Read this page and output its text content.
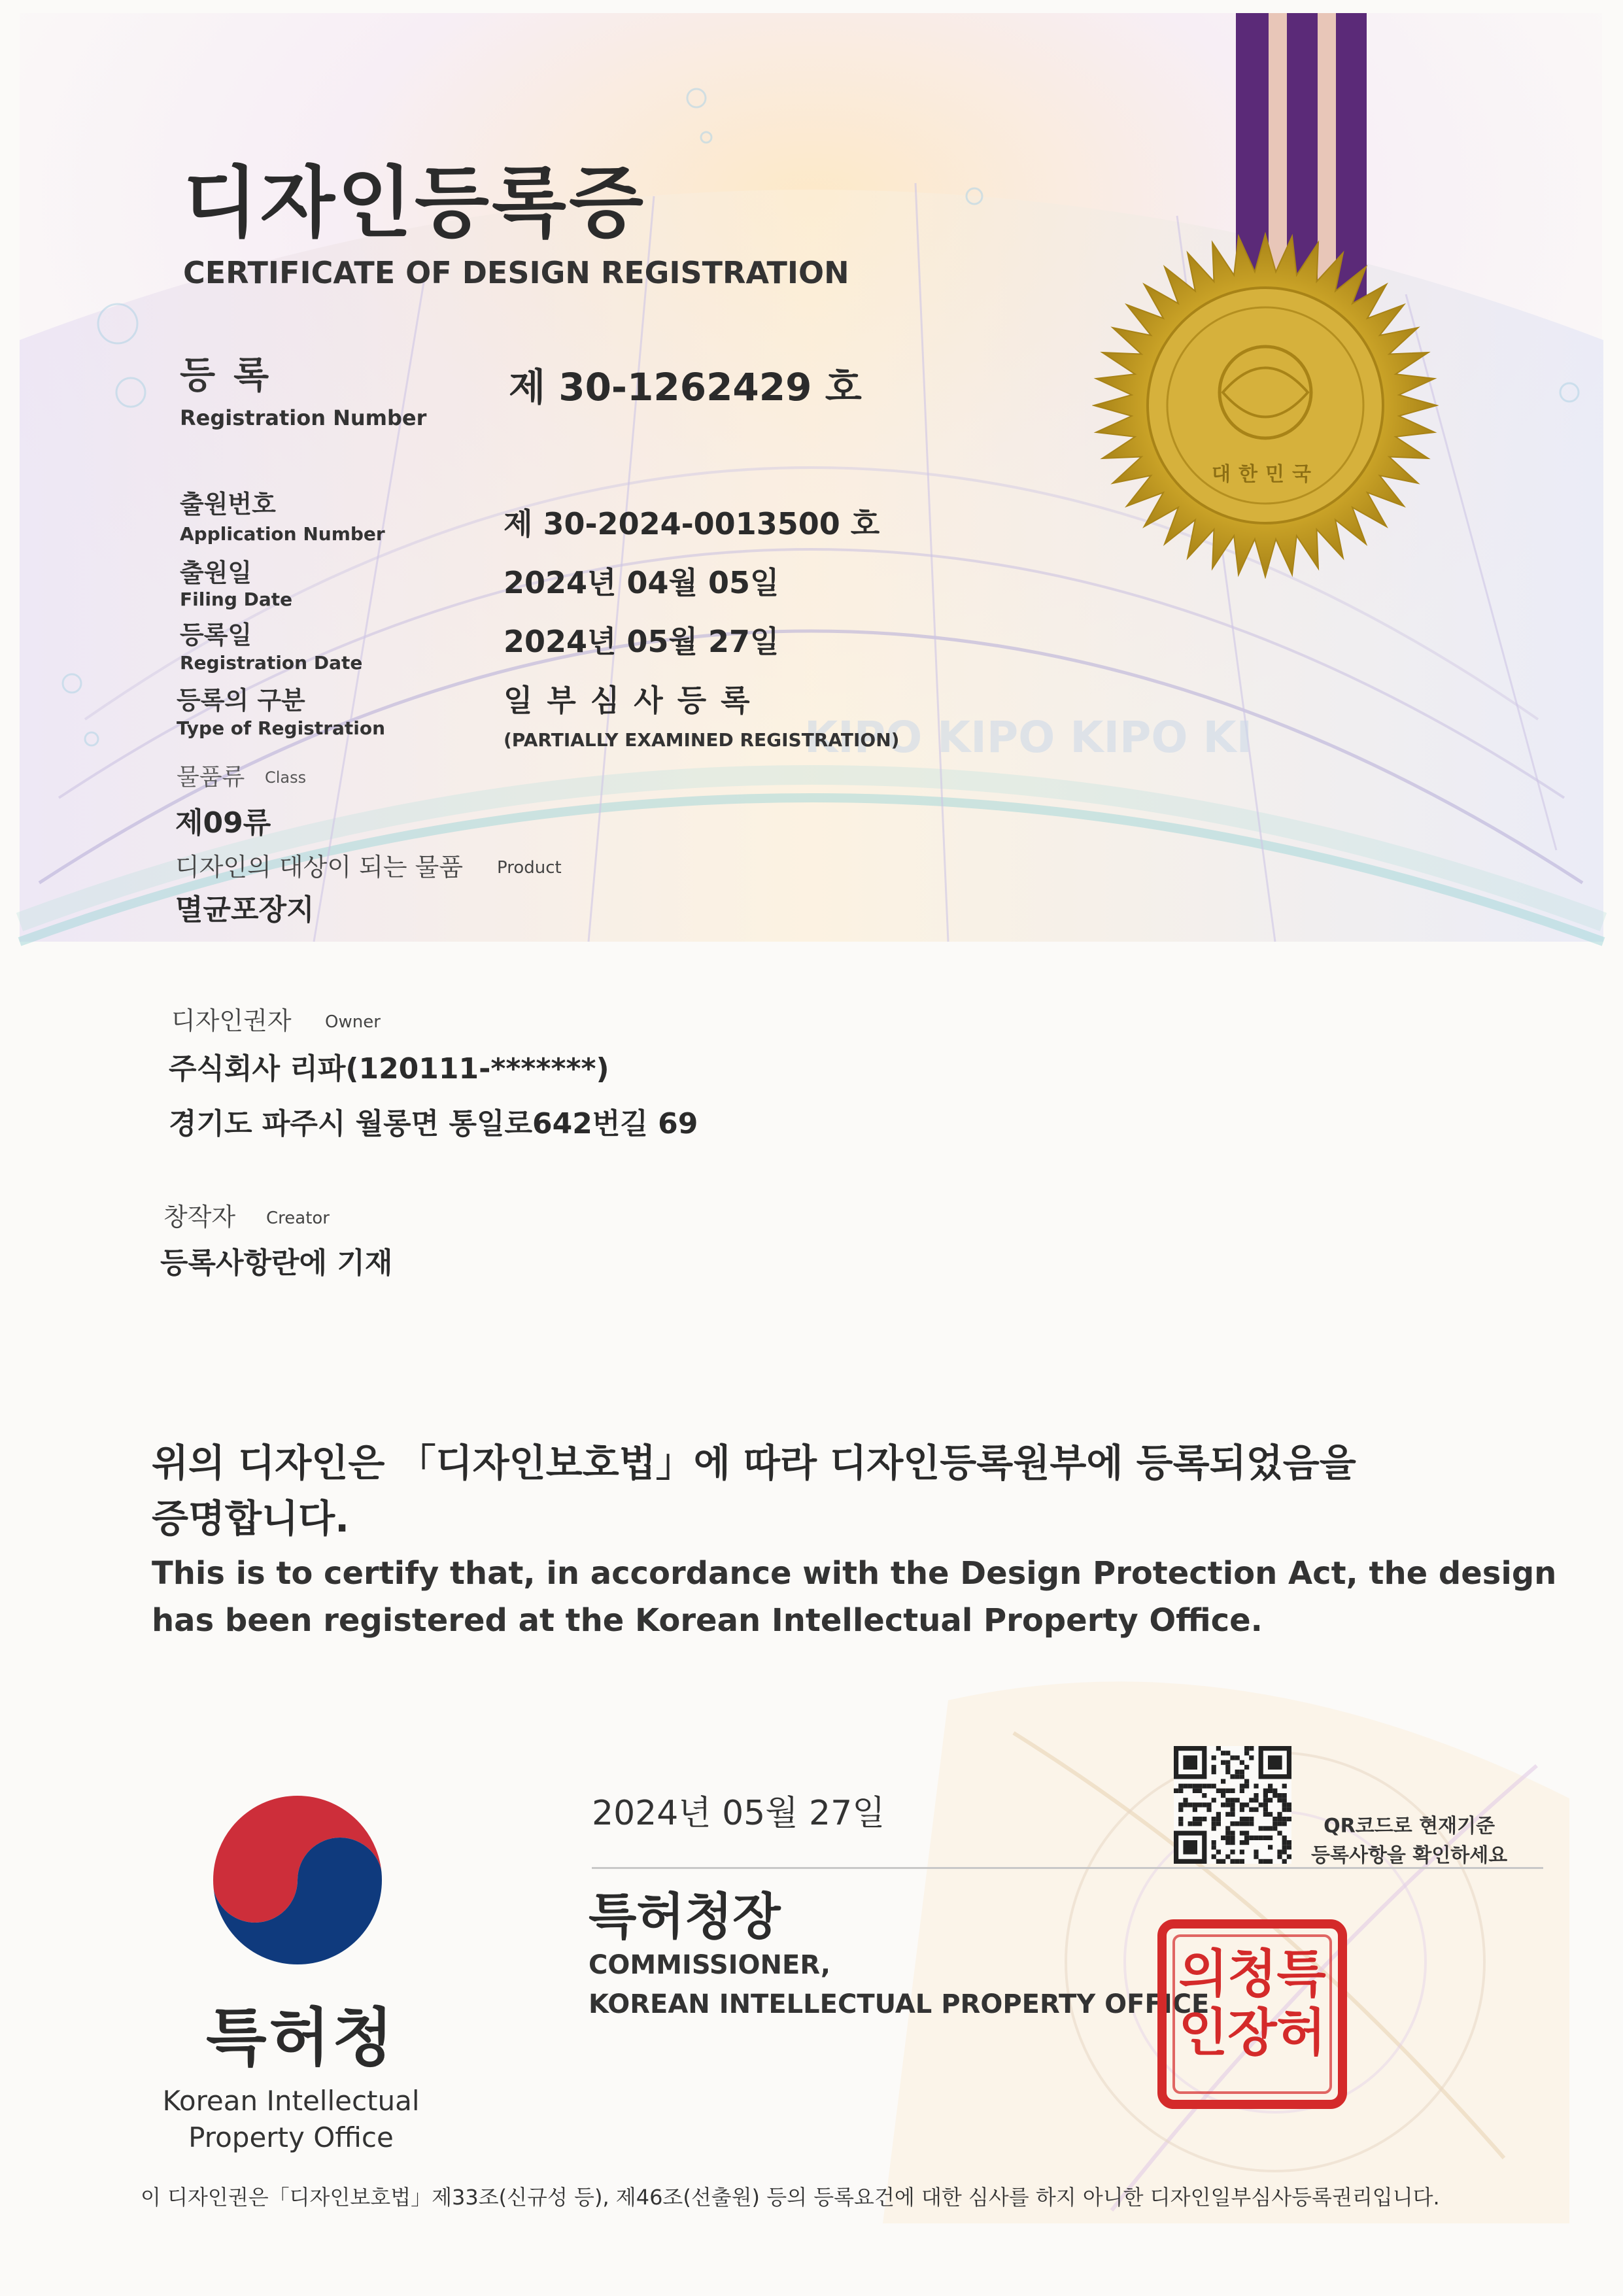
KIPO KIPO KIPO KI
대한민국
디자인등록증
CERTIFICATE OF DESIGN REGISTRATION
등록
Registration Number
제 30-1262429 호
출원번호
Application Number	제 30-2024-0013500 호
출원일
Filing Date	2024년 04월 05일
등록일
Registration Date
2024년 05월 27일
등록의 구분
Type of Registration
일부심사등록
(PARTIALLY EXAMINED REGISTRATION)
물품류 Class
제09류
디자인의 대상이 되는 물품 Product
멸균포장지
디자인권자 Owner
주식회사 리파(120111-*******)
경기도 파주시 월롱면 통일로642번길 69
창작자 Creator
등록사항란에 기재
위의 디자인은 「디자인보호법」에 따라 디자인등록원부에 등록되었음을
증명합니다.
This is to certify that, in accordance with the Design Protection Act, the design
has been registered at the Korean Intellectual Property Office.
2024년 05월 27일
특허청장
COMMISSIONER,
KOREAN INTELLECTUAL PROPERTY OFFICE
QR코드로 현재기준
등록사항을 확인하세요
특
허
청
장
의
인
특허청
Korean Intellectual Property Office
이 디자인권은「디자인보호법」제33조(신규성 등), 제46조(선출원) 등의 등록요건에 대한 심사를 하지 아니한 디자인일부심사등록권리입니다.
